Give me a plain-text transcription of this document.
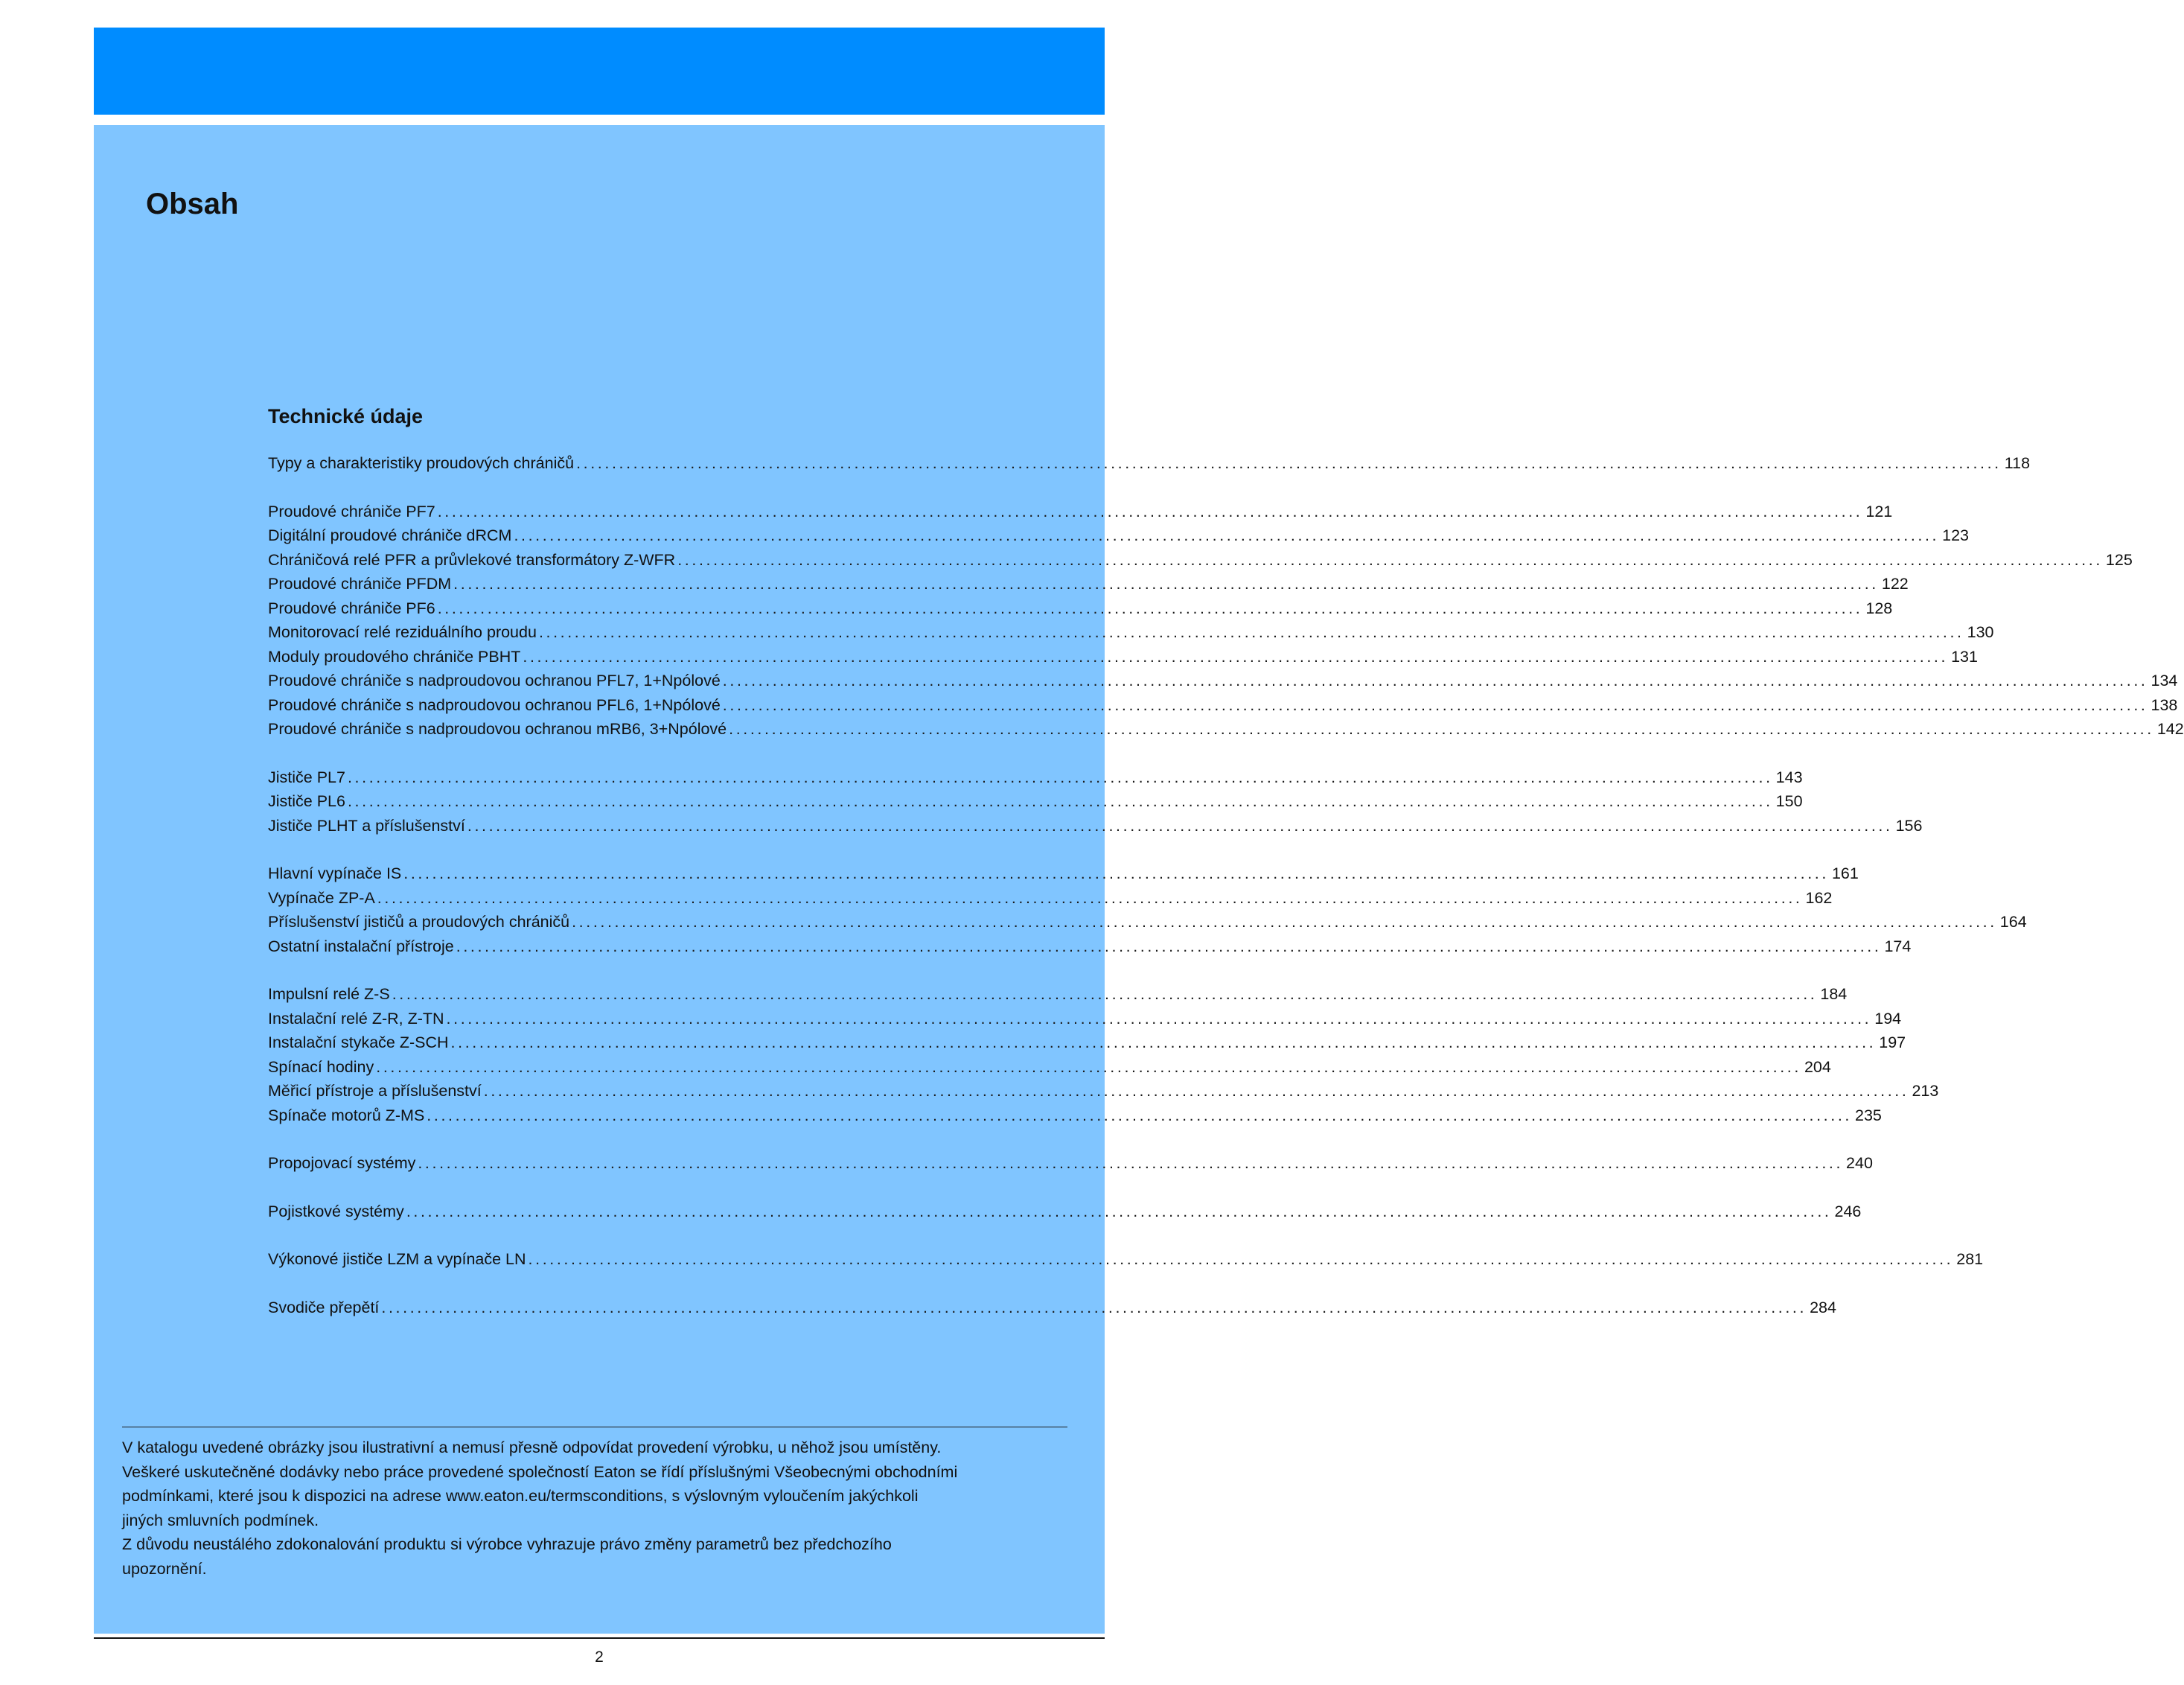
Obsah
Technické údaje
Typy a charakteristiky proudových chráničů ........................................................................................................................................................................................................ 118
Proudové chrániče PF7 ........................................................................................................................................................................................................ 121
Digitální proudové chrániče dRCM ........................................................................................................................................................................................................ 123
Chráničová relé PFR a průvlekové transformátory Z-WFR ........................................................................................................................................................................................................ 125
Proudové chrániče PFDM ........................................................................................................................................................................................................ 122
Proudové chrániče PF6 ........................................................................................................................................................................................................ 128
Monitorovací relé reziduálního proudu ........................................................................................................................................................................................................ 130
Moduly proudového chrániče PBHT ........................................................................................................................................................................................................ 131
Proudové chrániče s nadproudovou ochranou PFL7, 1+Npólové ........................................................................................................................................................................................................ 134
Proudové chrániče s nadproudovou ochranou PFL6, 1+Npólové ........................................................................................................................................................................................................ 138
Proudové chrániče s nadproudovou ochranou mRB6, 3+Npólové ........................................................................................................................................................................................................ 142
Jističe PL7 ........................................................................................................................................................................................................ 143
Jističe PL6 ........................................................................................................................................................................................................ 150
Jističe PLHT a příslušenství ........................................................................................................................................................................................................ 156
Hlavní vypínače IS ........................................................................................................................................................................................................ 161
Vypínače ZP-A ........................................................................................................................................................................................................ 162
Příslušenství jističů a proudových chráničů ........................................................................................................................................................................................................ 164
Ostatní instalační přístroje ........................................................................................................................................................................................................ 174
Impulsní relé Z-S ........................................................................................................................................................................................................ 184
Instalační relé Z-R, Z-TN ........................................................................................................................................................................................................ 194
Instalační stykače Z-SCH ........................................................................................................................................................................................................ 197
Spínací hodiny ........................................................................................................................................................................................................ 204
Měřicí přístroje a příslušenství ........................................................................................................................................................................................................ 213
Spínače motorů Z-MS ........................................................................................................................................................................................................ 235
Propojovací systémy ........................................................................................................................................................................................................ 240
Pojistkové systémy ........................................................................................................................................................................................................ 246
Výkonové jističe LZM a vypínače LN ........................................................................................................................................................................................................ 281
Svodiče přepětí ........................................................................................................................................................................................................ 284

V katalogu uvedené obrázky jsou ilustrativní a nemusí přesně odpovídat provedení výrobku, u něhož jsou umístěny.

Veškeré uskutečněné dodávky nebo práce provedené společností Eaton se řídí příslušnými Všeobecnými obchodními

podmínkami, které jsou k dispozici na adrese www.eaton.eu/termsconditions, s výslovným vyloučením jakýchkoli

jiných smluvních podmínek.

Z důvodu neustálého zdokonalování produktu si výrobce vyhrazuje právo změny parametrů bez předchozího

upozornění.

2
